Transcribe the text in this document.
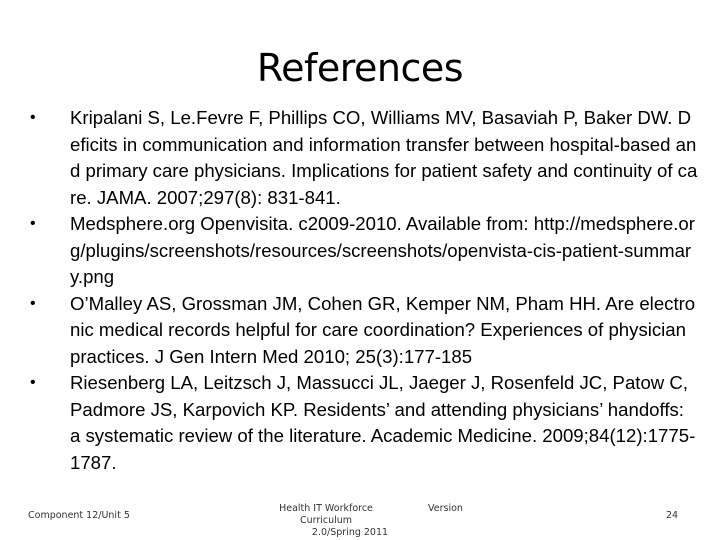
References
• Kripalani S, Le.Fevre F, Phillips CO, Williams MV, Basaviah P, Baker DW. Deficits in communication and information transfer between hospital-based and primary care physicians. Implications for patient safety and continuity of care. JAMA. 2007;297(8): 831-841.
• Medsphere.org Openvisita. c2009-2010. Available from: http://medsphere.org/plugins/screenshots/resources/screenshots/openvista-cis-patient-summary.png
• O’Malley AS, Grossman JM, Cohen GR, Kemper NM, Pham HH. Are electronic medical records helpful for care coordination? Experiences of physician practices. J Gen Intern Med 2010; 25(3):177-185
• Riesenberg LA, Leitzsch J, Massucci JL, Jaeger J, Rosenfeld JC, Patow C, Padmore JS, Karpovich KP. Residents’ and attending physicians’ handoffs: a systematic review of the literature. Academic Medicine. 2009;84(12):1775-1787.
Component 12/Unit 5
Health IT Workforce Curriculum
2.0/Spring 2011
Version
24
